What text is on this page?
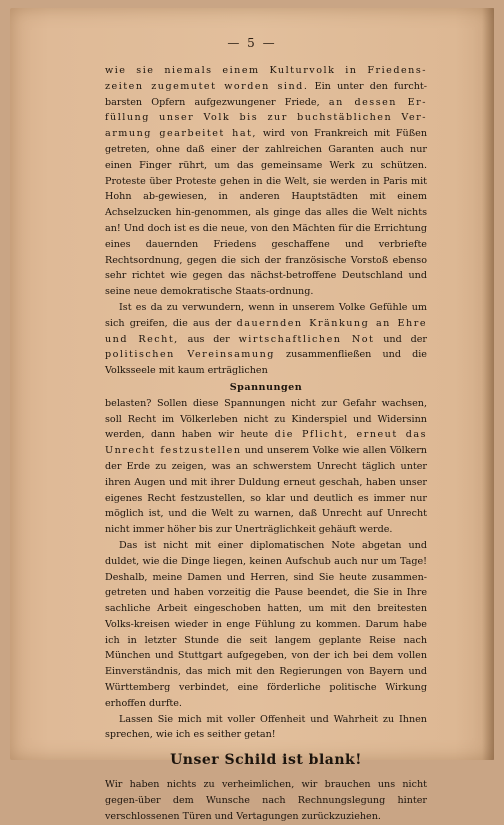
— 5 —

wie sie niemals einem Kulturvolk in Friedens-zeiten zugemutet worden sind. Ein unter den furcht-barsten Opfern aufgezwungener Friede, an dessen Er-füllung unser Volk bis zur buchstäblichen Ver-armung gearbeitet hat, wird von Frankreich mit Füßen getreten, ohne daß einer der zahlreichen Garanten auch nur einen Finger rührt, um das gemeinsame Werk zu schützen. Proteste über Proteste gehen in die Welt, sie werden in Paris mit Hohn ab-gewiesen, in anderen Hauptstädten mit einem Achselzucken hin-genommen, als ginge das alles die Welt nichts an! Und doch ist es die neue, von den Mächten für die Errichtung eines dauernden Friedens geschaffene und verbriefte Rechtsordnung, gegen die sich der französische Vorstoß ebenso sehr richtet wie gegen das nächst-betroffene Deutschland und seine neue demokratische Staats-ordnung.

Ist es da zu verwundern, wenn in unserem Volke Gefühle um sich greifen, die aus der dauernden Kränkung an Ehre und Recht, aus der wirtschaftlichen Not und der politischen Vereinsamung zusammenfließen und die Volksseele mit kaum erträglichen

Spannungen

belasten? Sollen diese Spannungen nicht zur Gefahr wachsen, soll Recht im Völkerleben nicht zu Kinderspiel und Widersinn werden, dann haben wir heute die Pflicht, erneut das Unrecht festzustellen und unserem Volke wie allen Völkern der Erde zu zeigen, was an schwerstem Unrecht täglich unter ihren Augen und mit ihrer Duldung erneut geschah, haben unser eigenes Recht festzustellen, so klar und deutlich es immer nur möglich ist, und die Welt zu warnen, daß Unrecht auf Unrecht nicht immer höher bis zur Unerträglichkeit gehäuft werde.

Das ist nicht mit einer diplomatischen Note abgetan und duldet, wie die Dinge liegen, keinen Aufschub auch nur um Tage! Deshalb, meine Damen und Herren, sind Sie heute zusammen-getreten und haben vorzeitig die Pause beendet, die Sie in Ihre sachliche Arbeit eingeschoben hatten, um mit den breitesten Volks-kreisen wieder in enge Fühlung zu kommen. Darum habe ich in letzter Stunde die seit langem geplante Reise nach München und Stuttgart aufgegeben, von der ich bei dem vollen Einverständnis, das mich mit den Regierungen von Bayern und Württemberg verbindet, eine förderliche politische Wirkung erhoffen durfte.

Lassen Sie mich mit voller Offenheit und Wahrheit zu Ihnen sprechen, wie ich es seither getan!

Unser Schild ist blank!

Wir haben nichts zu verheimlichen, wir brauchen uns nicht gegen-über dem Wunsche nach Rechnungslegung hinter verschlossenen Türen und Vertagungen zurückzuziehen.
